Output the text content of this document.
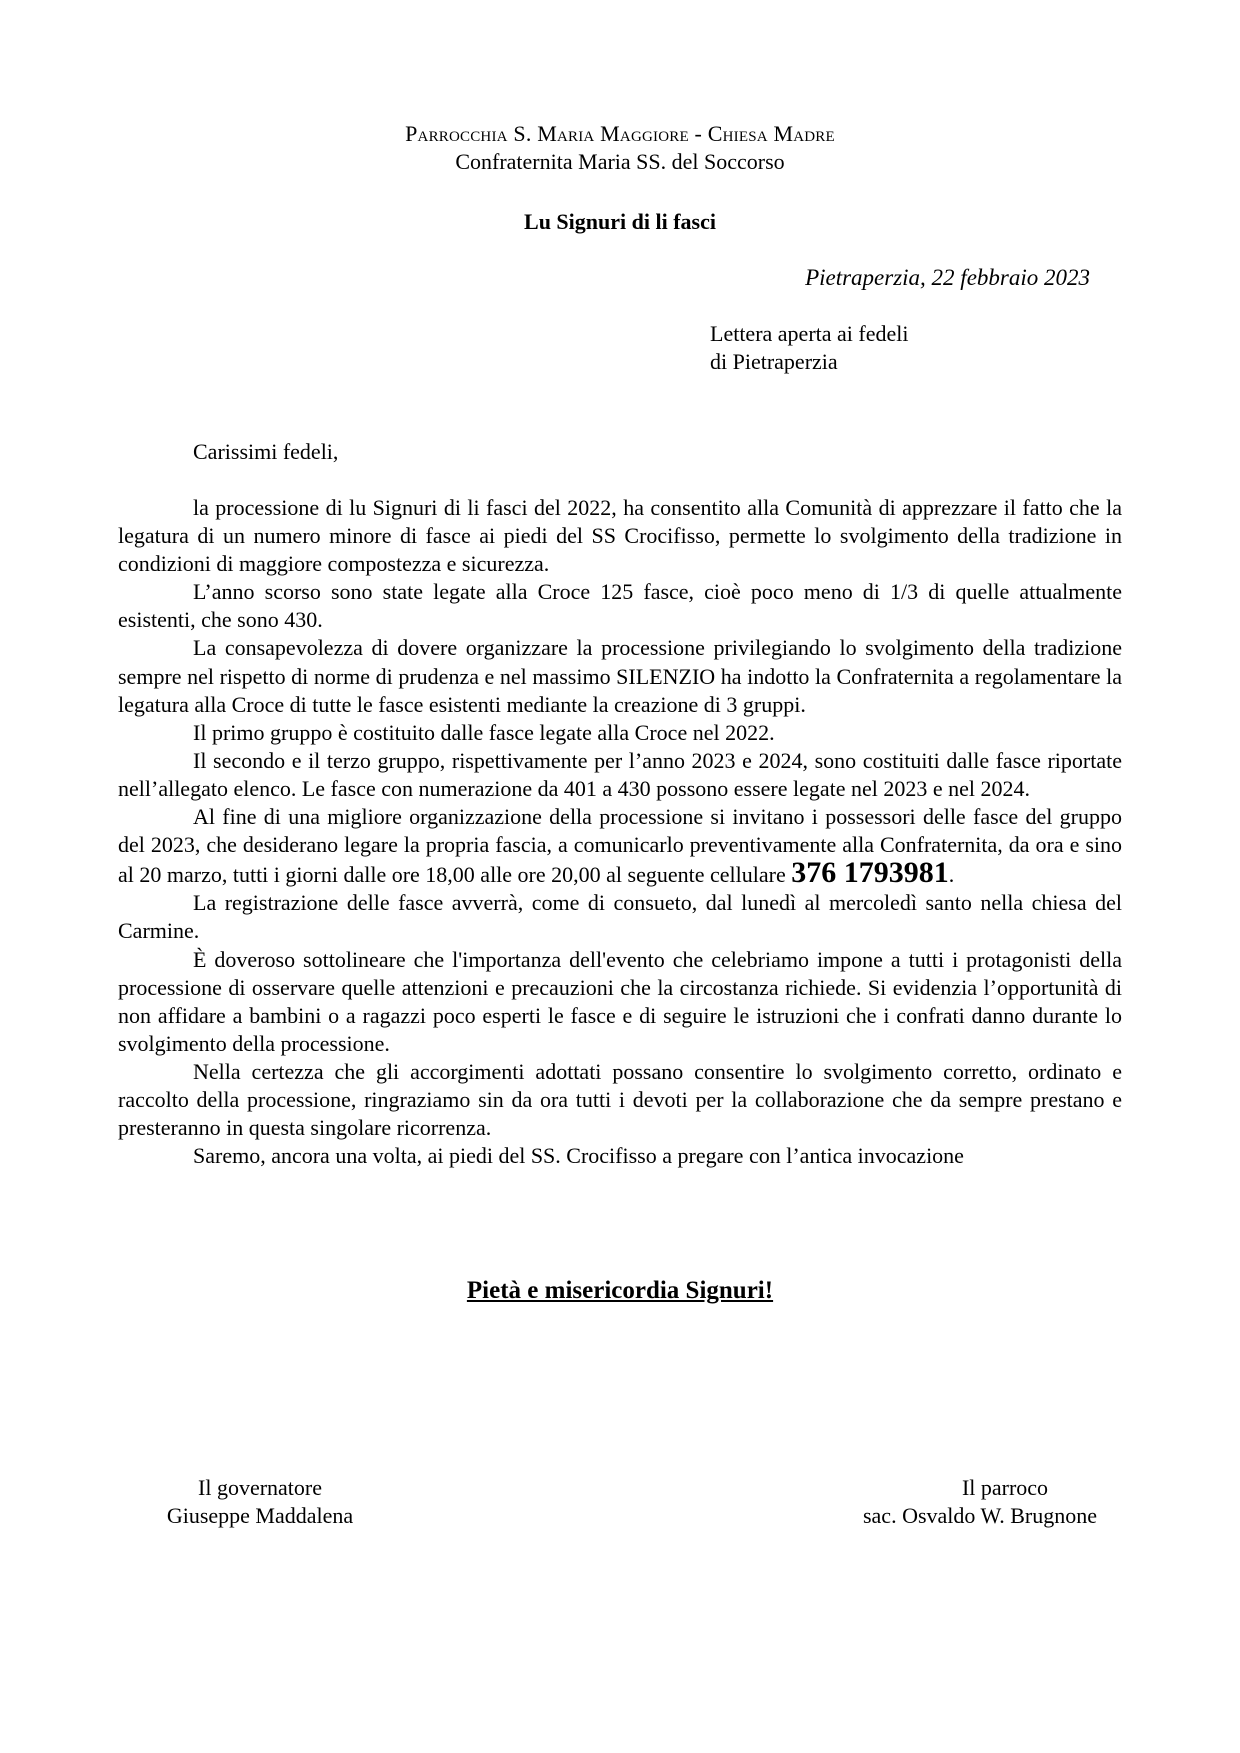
Parrocchia S. Maria Maggiore - Chiesa Madre
Confraternita Maria SS. del Soccorso
Lu Signuri di li fasci
Pietraperzia, 22 febbraio 2023
Lettera aperta ai fedeli
di Pietraperzia
Carissimi fedeli,

la processione di lu Signuri di li fasci del 2022, ha consentito alla Comunità di apprezzare il fatto che la legatura di un numero minore di fasce ai piedi del SS Crocifisso, permette lo svolgimento della tradizione in condizioni di maggiore compostezza e sicurezza.

L’anno scorso sono state legate alla Croce 125 fasce, cioè poco meno di 1/3 di quelle attualmente esistenti, che sono 430.

La consapevolezza di dovere organizzare la processione privilegiando lo svolgimento della tradizione sempre nel rispetto di norme di prudenza e nel massimo SILENZIO ha indotto la Confraternita a regolamentare la legatura alla Croce di tutte le fasce esistenti mediante la creazione di 3 gruppi.

Il primo gruppo è costituito dalle fasce legate alla Croce nel 2022.

Il secondo e il terzo gruppo, rispettivamente per l’anno 2023 e 2024, sono costituiti dalle fasce riportate nell’allegato elenco. Le fasce con numerazione da 401 a 430 possono essere legate nel 2023 e nel 2024.

Al fine di una migliore organizzazione della processione si invitano i possessori delle fasce del gruppo del 2023, che desiderano legare la propria fascia, a comunicarlo preventivamente alla Confraternita, da ora e sino al 20 marzo, tutti i giorni dalle ore 18,00 alle ore 20,00 al seguente cellulare 376 1793981.

La registrazione delle fasce avverrà, come di consueto, dal lunedì al mercoledì santo nella chiesa del Carmine.

È doveroso sottolineare che l'importanza dell'evento che celebriamo impone a tutti i protagonisti della processione di osservare quelle attenzioni e precauzioni che la circostanza richiede. Si evidenzia l’opportunità di non affidare a bambini o a ragazzi poco esperti le fasce e di seguire le istruzioni che i confrati danno durante lo svolgimento della processione.

Nella certezza che gli accorgimenti adottati possano consentire lo svolgimento corretto, ordinato e raccolto della processione, ringraziamo sin da ora tutti i devoti per la collaborazione che da sempre prestano e presteranno in questa singolare ricorrenza.

Saremo, ancora una volta, ai piedi del SS. Crocifisso a pregare con l’antica invocazione

Pietà e misericordia Signuri!
Il governatore
Giuseppe Maddalena
Il parroco
sac. Osvaldo W. Brugnone
